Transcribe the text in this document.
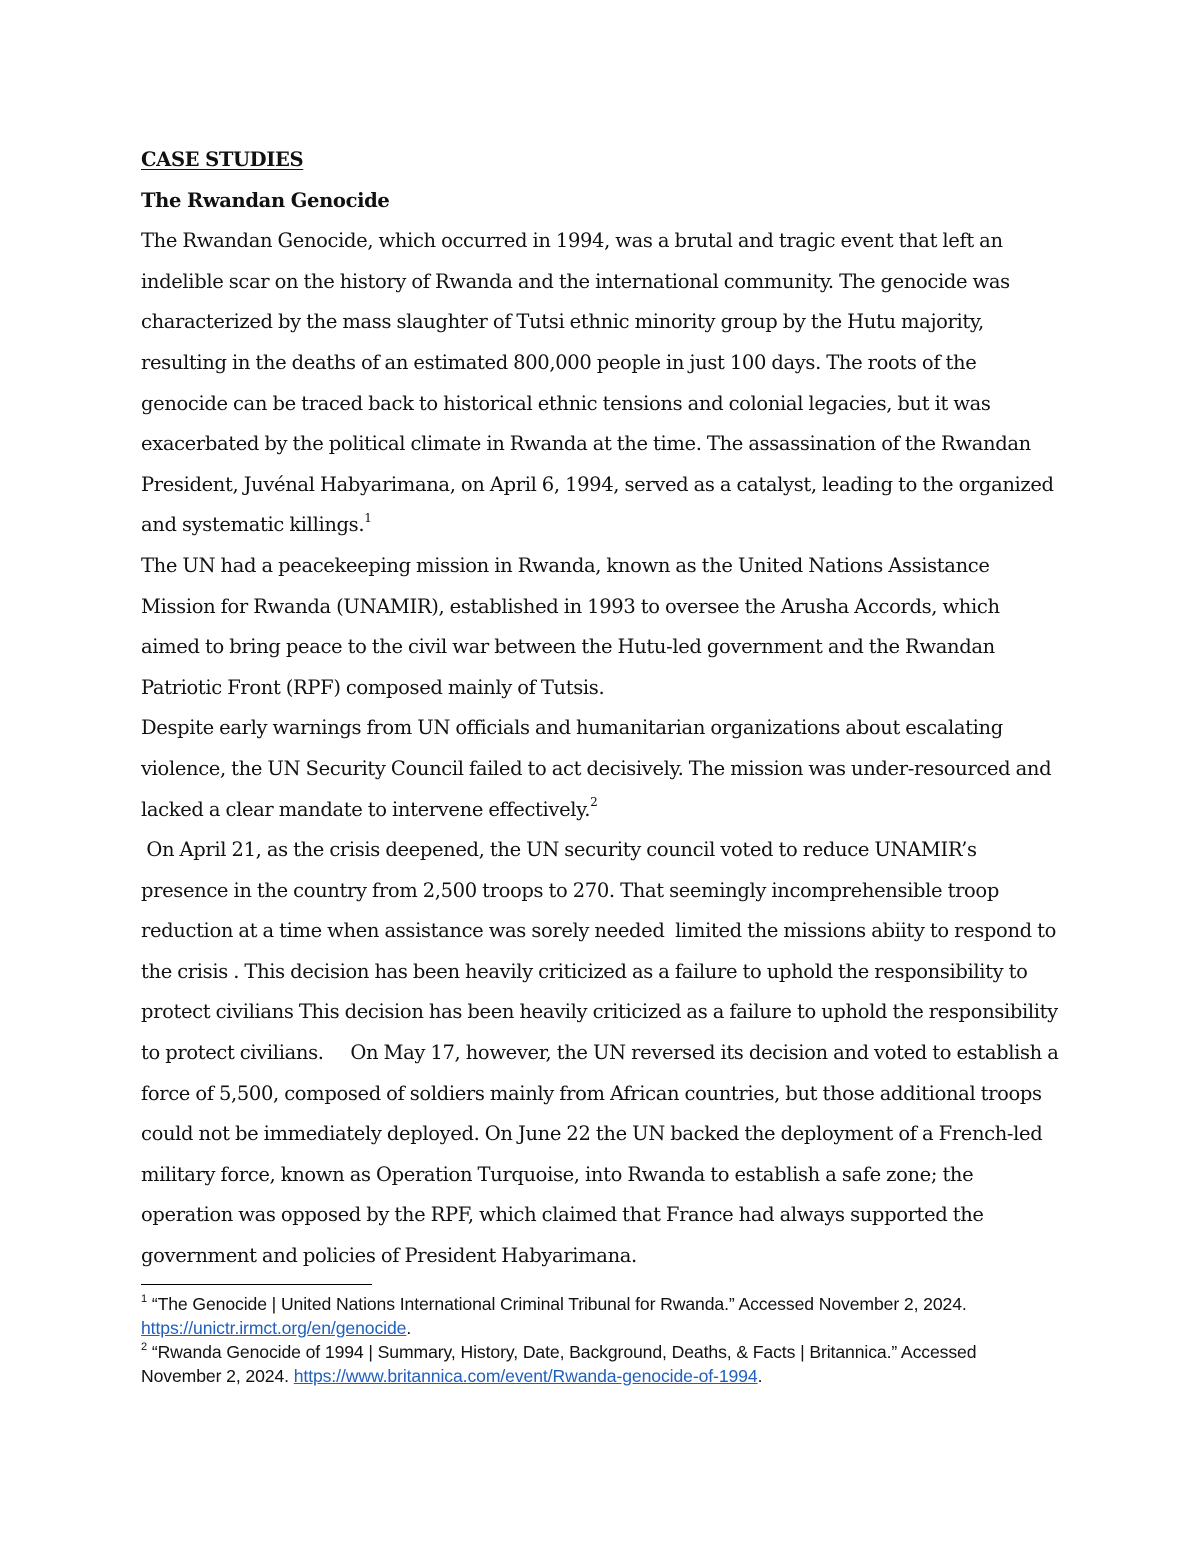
CASE STUDIES

The Rwandan Genocide

The Rwandan Genocide, which occurred in 1994, was a brutal and tragic event that left an indelible scar on the history of Rwanda and the international community. The genocide was characterized by the mass slaughter of Tutsi ethnic minority group by the Hutu majority, resulting in the deaths of an estimated 800,000 people in just 100 days. The roots of the genocide can be traced back to historical ethnic tensions and colonial legacies, but it was exacerbated by the political climate in Rwanda at the time. The assassination of the Rwandan President, Juvénal Habyarimana, on April 6, 1994, served as a catalyst, leading to the organized and systematic killings.$^1$

The UN had a peacekeeping mission in Rwanda, known as the United Nations Assistance Mission for Rwanda (UNAMIR), established in 1993 to oversee the Arusha Accords, which aimed to bring peace to the civil war between the Hutu-led government and the Rwandan Patriotic Front (RPF) composed mainly of Tutsis.

Despite early warnings from UN officials and humanitarian organizations about escalating violence, the UN Security Council failed to act decisively. The mission was under-resourced and lacked a clear mandate to intervene effectively.$^2$

On April 21, as the crisis deepened, the UN security council voted to reduce UNAMIR’s presence in the country from 2,500 troops to 270. That seemingly incomprehensible troop reduction at a time when assistance was sorely needed  limited the missions abiity to respond to the crisis . This decision has been heavily criticized as a failure to uphold the responsibility to protect civilians This decision has been heavily criticized as a failure to uphold the responsibility to protect civilians.     On May 17, however, the UN reversed its decision and voted to establish a force of 5,500, composed of soldiers mainly from African countries, but those additional troops could not be immediately deployed. On June 22 the UN backed the deployment of a French-led military force, known as Operation Turquoise, into Rwanda to establish a safe zone; the operation was opposed by the RPF, which claimed that France had always supported the government and policies of President Habyarimana.

$^1$ “The Genocide | United Nations International Criminal Tribunal for Rwanda.” Accessed November 2, 2024. https://unictr.irmct.org/en/genocide.

$^2$ “Rwanda Genocide of 1994 | Summary, History, Date, Background, Deaths, & Facts | Britannica.” Accessed November 2, 2024. https://www.britannica.com/event/Rwanda-genocide-of-1994.
